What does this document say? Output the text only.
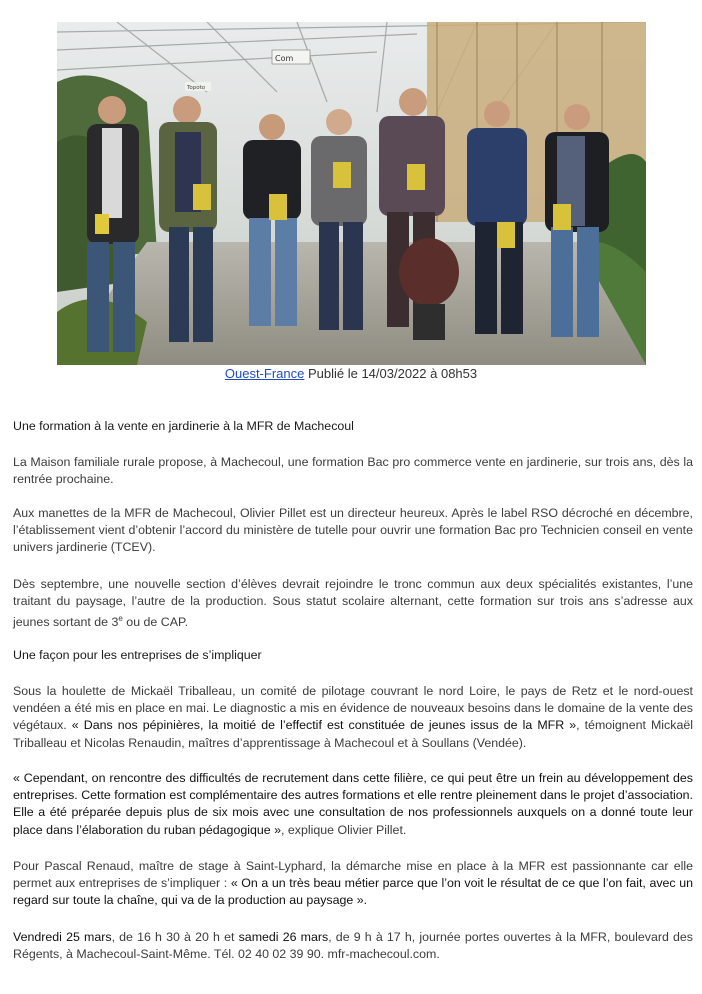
Com
Topoto
Ouest-France Publié le 14/03/2022 à 08h53
Une formation à la vente en jardinerie à la MFR de Machecoul

La Maison familiale rurale propose, à Machecoul, une formation Bac pro commerce vente en jardinerie, sur trois ans, dès la rentrée prochaine.

Aux manettes de la MFR de Machecoul, Olivier Pillet est un directeur heureux. Après le label RSO décroché en décembre, l’établissement vient d’obtenir l’accord du ministère de tutelle pour ouvrir une formation Bac pro Technicien conseil en vente univers jardinerie (TCEV).

Dès septembre, une nouvelle section d’élèves devrait rejoindre le tronc commun aux deux spécialités existantes, l’une traitant du paysage, l’autre de la production. Sous statut scolaire alternant, cette formation sur trois ans s’adresse aux jeunes sortant de 3e ou de CAP.

Une façon pour les entreprises de s’impliquer

Sous la houlette de Mickaël Triballeau, un comité de pilotage couvrant le nord Loire, le pays de Retz et le nord-ouest vendéen a été mis en place en mai. Le diagnostic a mis en évidence de nouveaux besoins dans le domaine de la vente des végétaux. « Dans nos pépinières, la moitié de l’effectif est constituée de jeunes issus de la MFR », témoignent Mickaël Triballeau et Nicolas Renaudin, maîtres d’apprentissage à Machecoul et à Soullans (Vendée).

« Cependant, on rencontre des difficultés de recrutement dans cette filière, ce qui peut être un frein au développement des entreprises. Cette formation est complémentaire des autres formations et elle rentre pleinement dans le projet d’association. Elle a été préparée depuis plus de six mois avec une consultation de nos professionnels auxquels on a donné toute leur place dans l’élaboration du ruban pédagogique », explique Olivier Pillet.

Pour Pascal Renaud, maître de stage à Saint-Lyphard, la démarche mise en place à la MFR est passionnante car elle permet aux entreprises de s’impliquer : « On a un très beau métier parce que l’on voit le résultat de ce que l’on fait, avec un regard sur toute la chaîne, qui va de la production au paysage ».

Vendredi 25 mars, de 16 h 30 à 20 h et samedi 26 mars, de 9 h à 17 h, journée portes ouvertes à la MFR, boulevard des Régents, à Machecoul-Saint-Même. Tél. 02 40 02 39 90. mfr-machecoul.com.
